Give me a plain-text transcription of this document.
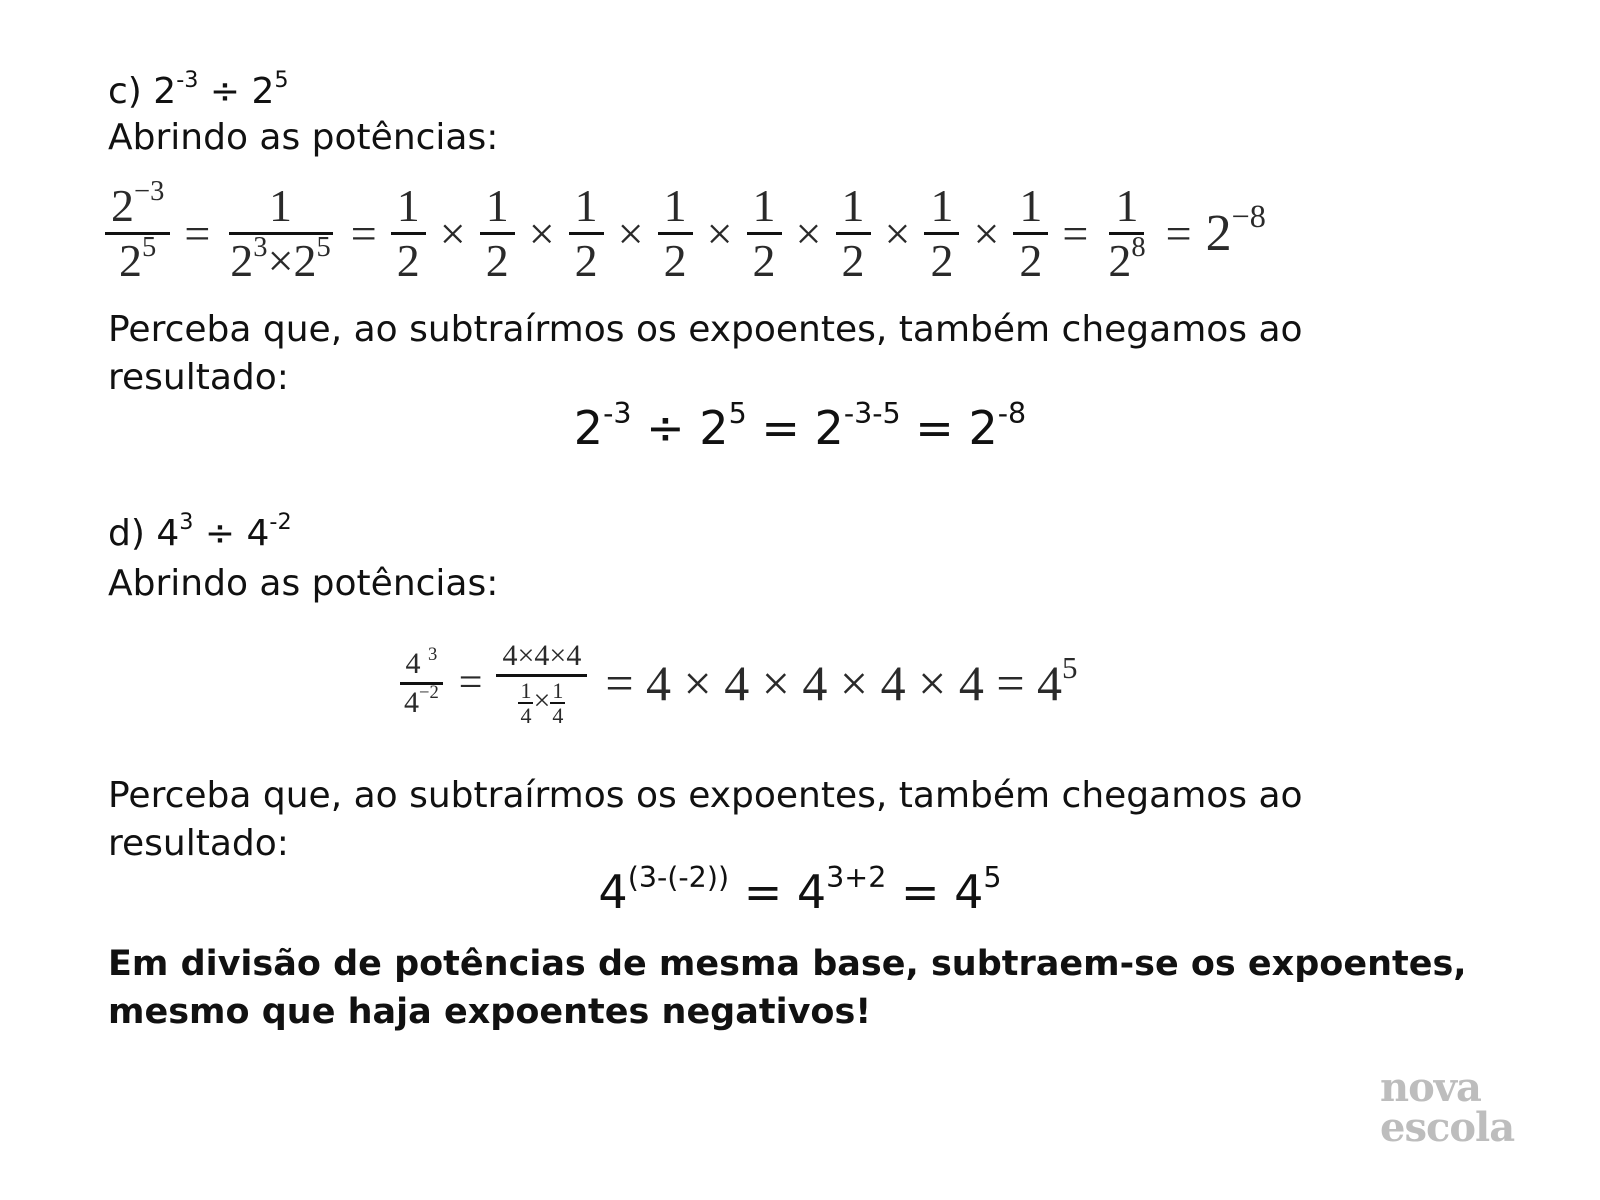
c) $2^{-3} \div 2^5$
Abrindo as potências:
$\frac{2^{-3}}{2^5} = \frac{1}{2^3\times 2^5} = \frac{1}{2} \times \frac{1}{2} \times \frac{1}{2} \times \frac{1}{2} \times \frac{1}{2} \times \frac{1}{2} \times \frac{1}{2} \times \frac{1}{2} = \frac{1}{2^8} = 2^{-8}$
Perceba que, ao subtraírmos os expoentes, também chegamos ao resultado:
$2^{-3} \div 2^5 = 2^{-3-5} = 2^{-8}$
d) $4^3 \div 4^{-2}$
Abrindo as potências:
$\frac{4 ^3}{4^{-2}} = \frac{4\times 4\times 4}{\frac{1}{4} \times \frac{1}{4}} = 4 \times 4 \times 4 \times 4 \times 4 = 4^5$
Perceba que, ao subtraírmos os expoentes, também chegamos ao resultado:
$4^{(3-(-2))} = 4^{3+2} = 4^5$
Em divisão de potências de mesma base, subtraem-se os expoentes, mesmo que haja expoentes negativos!
nova
escola
